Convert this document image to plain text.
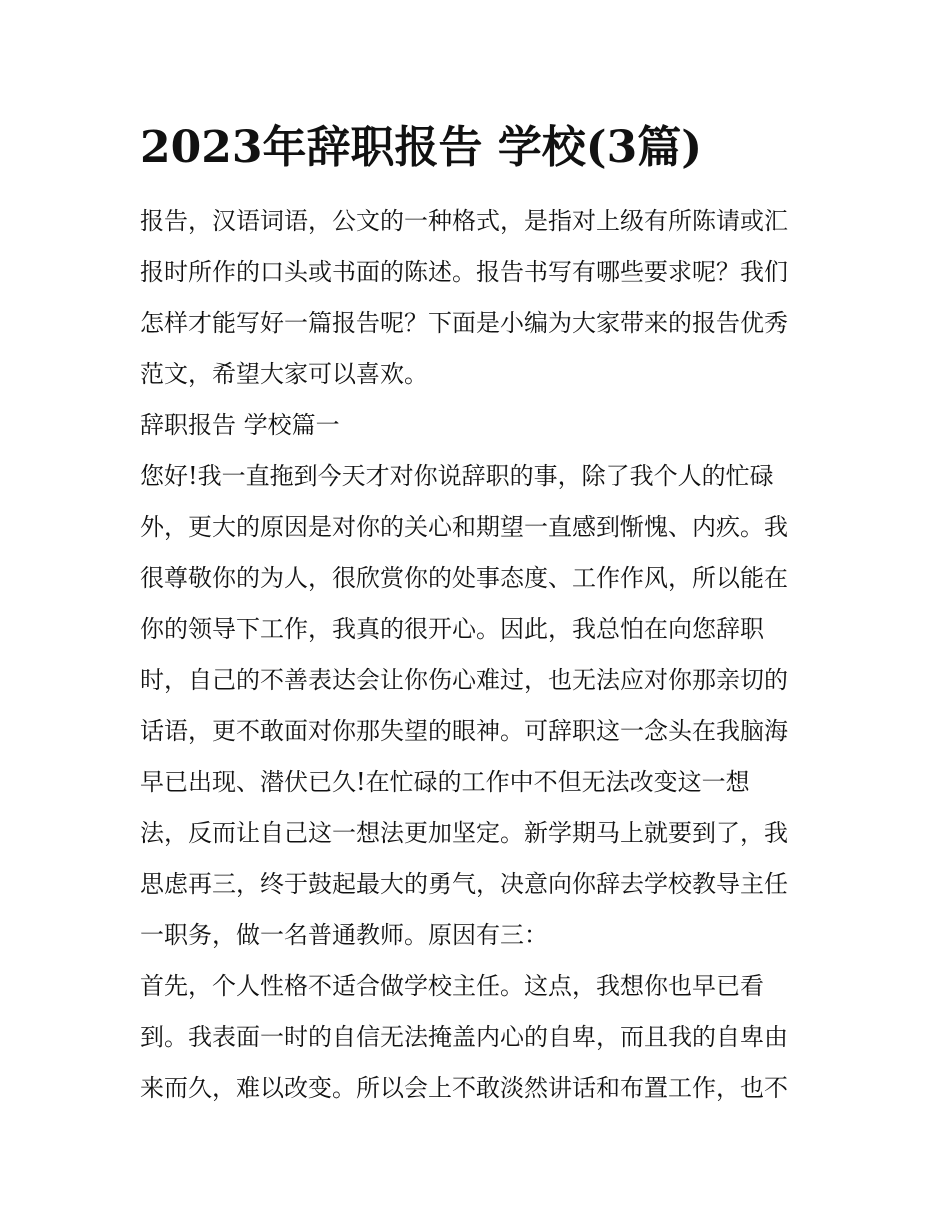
2023年辞职报告 学校(3篇)
报告，汉语词语，公文的一种格式，是指对上级有所陈请或汇
报时所作的口头或书面的陈述。报告书写有哪些要求呢？我们
怎样才能写好一篇报告呢？下面是小编为大家带来的报告优秀
范文，希望大家可以喜欢。
辞职报告 学校篇一
您好!我一直拖到今天才对你说辞职的事，除了我个人的忙碌
外，更大的原因是对你的关心和期望一直感到惭愧、内疚。我
很尊敬你的为人，很欣赏你的处事态度、工作作风，所以能在
你的领导下工作，我真的很开心。因此，我总怕在向您辞职
时，自己的不善表达会让你伤心难过，也无法应对你那亲切的
话语，更不敢面对你那失望的眼神。可辞职这一念头在我脑海
早已出现、潜伏已久!在忙碌的工作中不但无法改变这一想
法，反而让自己这一想法更加坚定。新学期马上就要到了，我
思虑再三，终于鼓起最大的勇气，决意向你辞去学校教导主任
一职务，做一名普通教师。原因有三：
首先，个人性格不适合做学校主任。这点，我想你也早已看
到。我表面一时的自信无法掩盖内心的自卑，而且我的自卑由
来而久，难以改变。所以会上不敢淡然讲话和布置工作，也不
